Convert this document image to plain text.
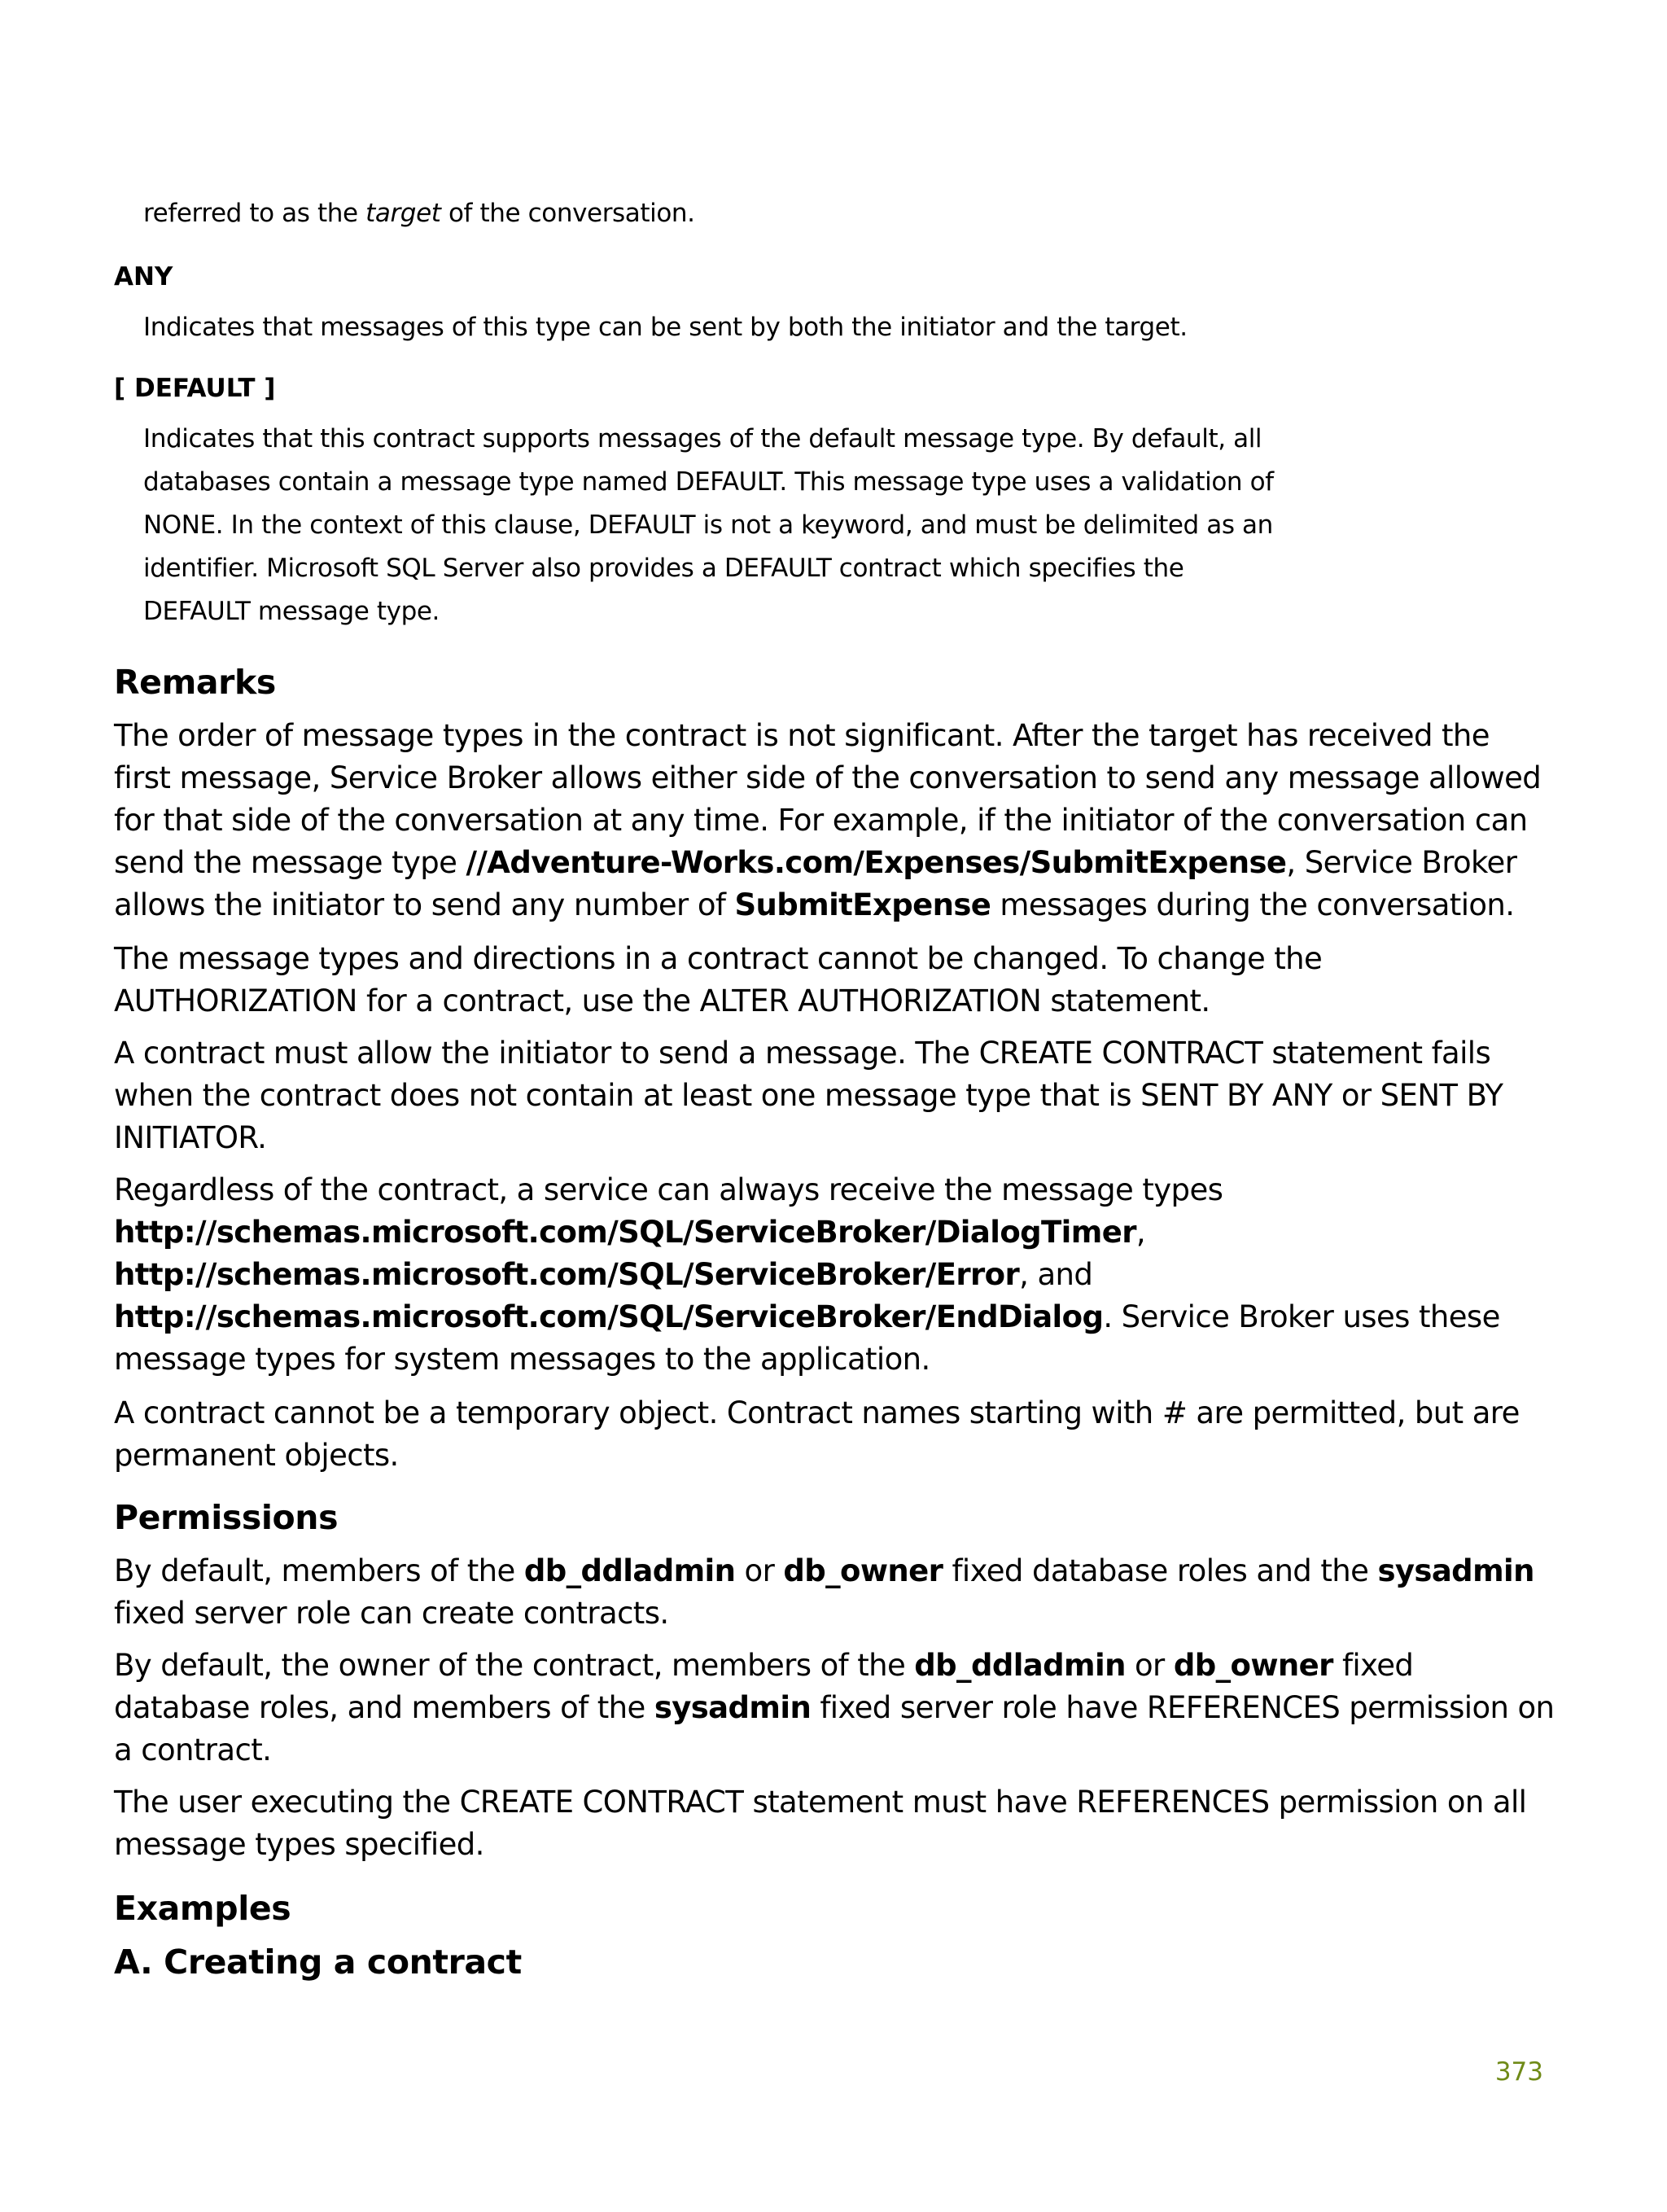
referred to as the target of the conversation.

ANY

Indicates that messages of this type can be sent by both the initiator and the target.

[ DEFAULT ]

Indicates that this contract supports messages of the default message type. By default, all
databases contain a message type named DEFAULT. This message type uses a validation of
NONE. In the context of this clause, DEFAULT is not a keyword, and must be delimited as an
identifier. Microsoft SQL Server also provides a DEFAULT contract which specifies the
DEFAULT message type.
Remarks
The order of message types in the contract is not significant. After the target has received the
first message, Service Broker allows either side of the conversation to send any message allowed
for that side of the conversation at any time. For example, if the initiator of the conversation can
send the message type //Adventure-Works.com/Expenses/SubmitExpense, Service Broker
allows the initiator to send any number of SubmitExpense messages during the conversation.
The message types and directions in a contract cannot be changed. To change the
AUTHORIZATION for a contract, use the ALTER AUTHORIZATION statement.
A contract must allow the initiator to send a message. The CREATE CONTRACT statement fails
when the contract does not contain at least one message type that is SENT BY ANY or SENT BY
INITIATOR.
Regardless of the contract, a service can always receive the message types
http://schemas.microsoft.com/SQL/ServiceBroker/DialogTimer,
http://schemas.microsoft.com/SQL/ServiceBroker/Error, and
http://schemas.microsoft.com/SQL/ServiceBroker/EndDialog. Service Broker uses these
message types for system messages to the application.
A contract cannot be a temporary object. Contract names starting with # are permitted, but are
permanent objects.
Permissions
By default, members of the db_ddladmin or db_owner fixed database roles and the sysadmin
fixed server role can create contracts.
By default, the owner of the contract, members of the db_ddladmin or db_owner fixed
database roles, and members of the sysadmin fixed server role have REFERENCES permission on
a contract.
The user executing the CREATE CONTRACT statement must have REFERENCES permission on all
message types specified.
Examples
A. Creating a contract
373
